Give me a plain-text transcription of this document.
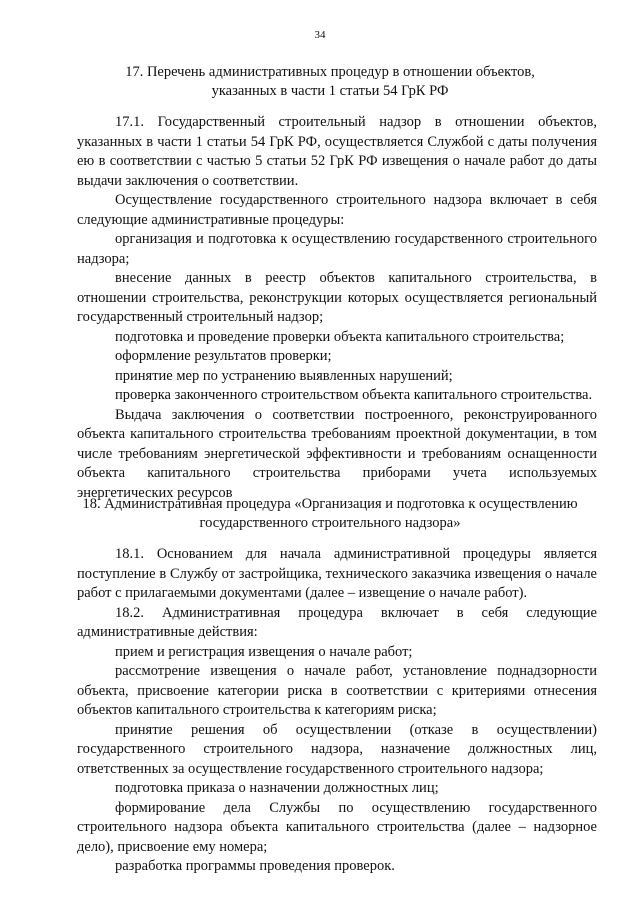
34
17. Перечень административных процедур в отношении объектов,
указанных в части 1 статьи 54 ГрК РФ

17.1. Государственный строительный надзор в отношении объектов, указанных в части 1 статьи 54 ГрК РФ, осуществляется Службой с даты получения ею в соответствии с частью 5 статьи 52 ГрК РФ извещения о начале работ до даты выдачи заключения о соответствии.

Осуществление государственного строительного надзора включает в себя следующие административные процедуры:

организация и подготовка к осуществлению государственного строительного надзора;

внесение данных в реестр объектов капитального строительства, в отношении строительства, реконструкции которых осуществляется региональный государственный строительный надзор;

подготовка и проведение проверки объекта капитального строительства;

оформление результатов проверки;

принятие мер по устранению выявленных нарушений;

проверка законченного строительством объекта капитального строительства.

Выдача заключения о соответствии построенного, реконструированного объекта капитального строительства требованиям проектной документации, в том числе требованиям энергетической эффективности и требованиям оснащенности объекта капитального строительства приборами учета используемых энергетических ресурсов

18. Административная процедура «Организация и подготовка к осуществлению
государственного строительного надзора»

18.1. Основанием для начала административной процедуры является поступление в Службу от застройщика, технического заказчика извещения о начале работ с прилагаемыми документами (далее – извещение о начале работ).

18.2. Административная процедура включает в себя следующие административные действия:

прием и регистрация извещения о начале работ;

рассмотрение извещения о начале работ, установление поднадзорности объекта, присвоение категории риска в соответствии с критериями отнесения объектов капитального строительства к категориям риска;

принятие решения об осуществлении (отказе в осуществлении) государственного строительного надзора, назначение должностных лиц, ответственных за осуществление государственного строительного надзора;

подготовка приказа о назначении должностных лиц;

формирование дела Службы по осуществлению государственного строительного надзора объекта капитального строительства (далее – надзорное дело), присвоение ему номера;

разработка программы проведения проверок.
